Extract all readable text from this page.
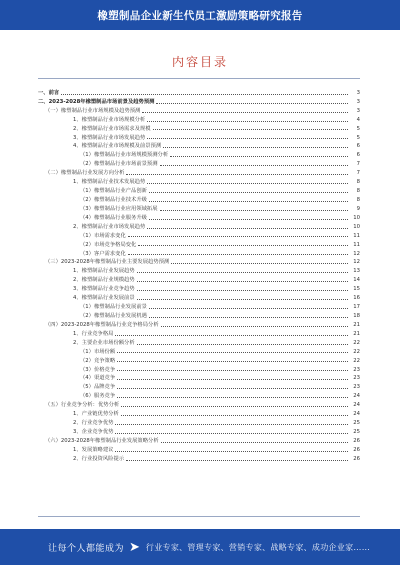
橡塑制品企业新生代员工激励策略研究报告
内容目录
一、前言	3
二、2023-2028年橡塑制品市场前景及趋势预测	3
（一）橡塑制品行业市场规模及趋势预测	3
1、橡塑制品行业市场规模分析	4
2、橡塑制品行业市场需求及规模	5
3、橡塑制品行业市场发展趋势	5
4、橡塑制品行业市场规模及前景预测	6
（1）橡塑制品行业市场规模预测分析	6
（2）橡塑制品行业市场前景预测	7
（二）橡塑制品行业发展方向分析	7
1、橡塑制品行业技术发展趋势	8
（1）橡塑制品行业产品创新	8
（2）橡塑制品行业技术升级	8
（3）橡塑制品行业应用领域拓展	9
（4）橡塑制品行业服务升级	10
2、橡塑制品行业市场发展趋势	10
（1）市场需求变化	11
（2）市场竞争格局变化	11
（3）客户需求变化	12
（三）2023-2028年橡塑制品行业主要发展趋势预测	12
1、橡塑制品行业发展趋势	13
2、橡塑制品行业规模趋势	14
3、橡塑制品行业竞争趋势	15
4、橡塑制品行业发展前景	16
（1）橡塑制品行业发展前景	17
（2）橡塑制品行业发展机遇	18
（四）2023-2028年橡塑制品行业竞争格局分析	21
1、行业竞争格局	21
2、主要企业市场份额分析	22
（1）市场份额	22
（2）竞争策略	22
（3）价格竞争	23
（4）渠道竞争	23
（5）品牌竞争	23
（6）服务竞争	24
（五）行业竞争分析：优势分析	24
1、产业链优势分析	24
2、行业竞争优势	25
3、企业竞争优势	25
（六）2023-2028年橡塑制品行业发展策略分析	26
1、发展策略建议	26
2、行业投资风险提示	26
让每个人都能成为 ➤ 行业专家、管理专家、营销专家、战略专家、成功企业家……
